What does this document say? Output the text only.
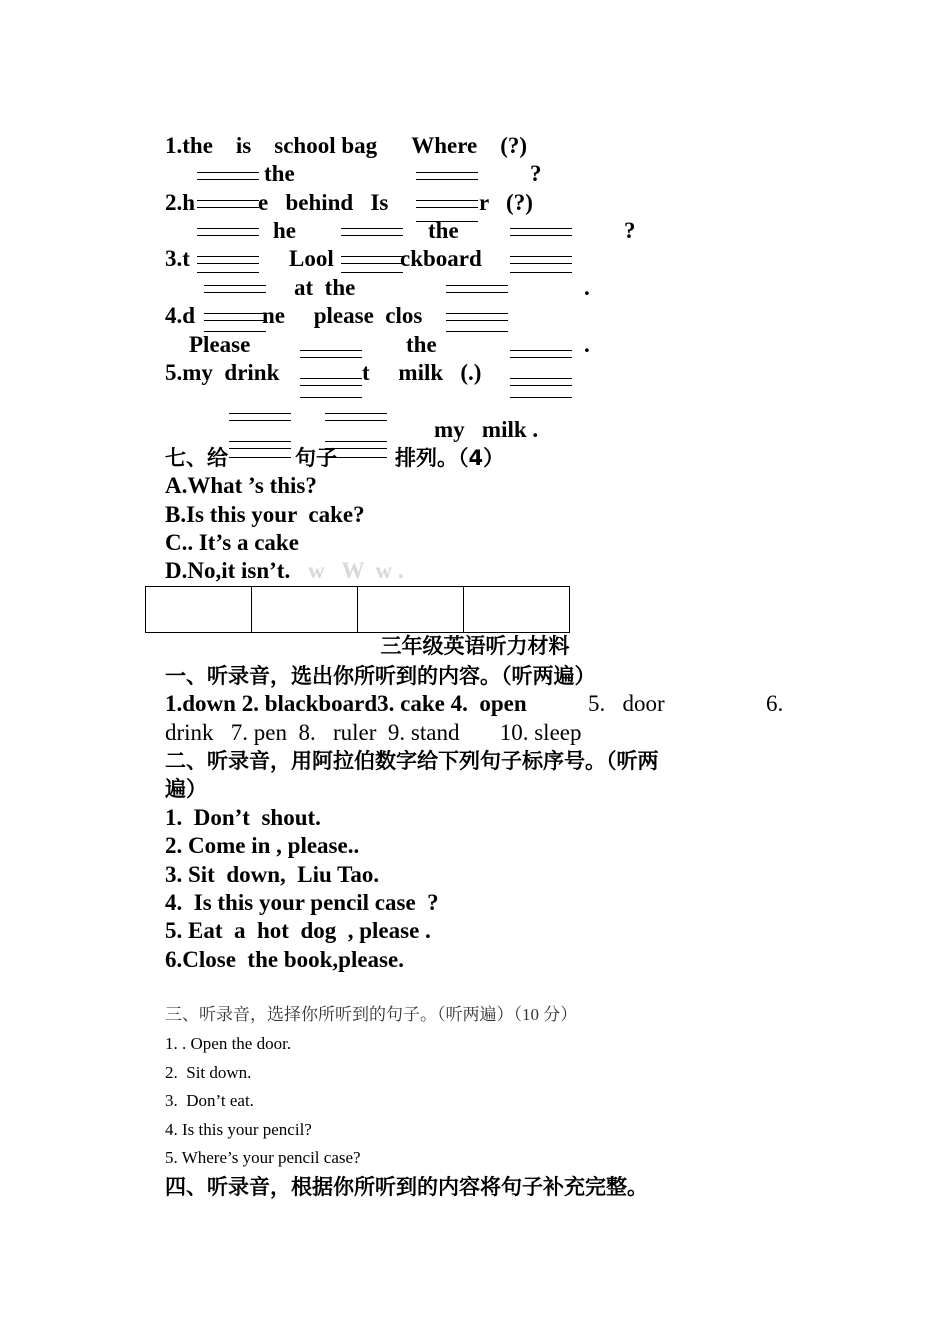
1.the    is    school bag      Where    (?)
the	?
2.h	e   behind   Is	r   (?)
he	the	?
3.t	Lool	ckboard
at  the	.
4.d	ne     please  clos
Please	the	.
5.my  drink	t     milk   (.)
my   milk .
七、给	句子	排列。（4）
A.What ’s this?
B.Is this your  cake?
C.. It’s a cake
D.No,it isn’t. w   W  w .

三年级英语听力材料
一、听录音，选出你所听到的内容。（听两遍）
1.down 2. blackboard3. cake 4.  open	5.   door	6.
drink   7. pen  8.   ruler  9. stand       10. sleep
二、听录音，用阿拉伯数字给下列句子标序号。（听两
遍）
1.  Don’t  shout.
2. Come in , please..
3. Sit  down,  Liu Tao.
4.  Is this your pencil case  ?
5. Eat  a  hot  dog  , please .
6.Close  the book,please.
三、听录音，选择你所听到的句子。（听两遍）（10 分）
1. . Open the door.
2.  Sit down.
3.  Don’t eat.
4. Is this your pencil?
5. Where’s your pencil case?
四、听录音，根据你所听到的内容将句子补充完整。
